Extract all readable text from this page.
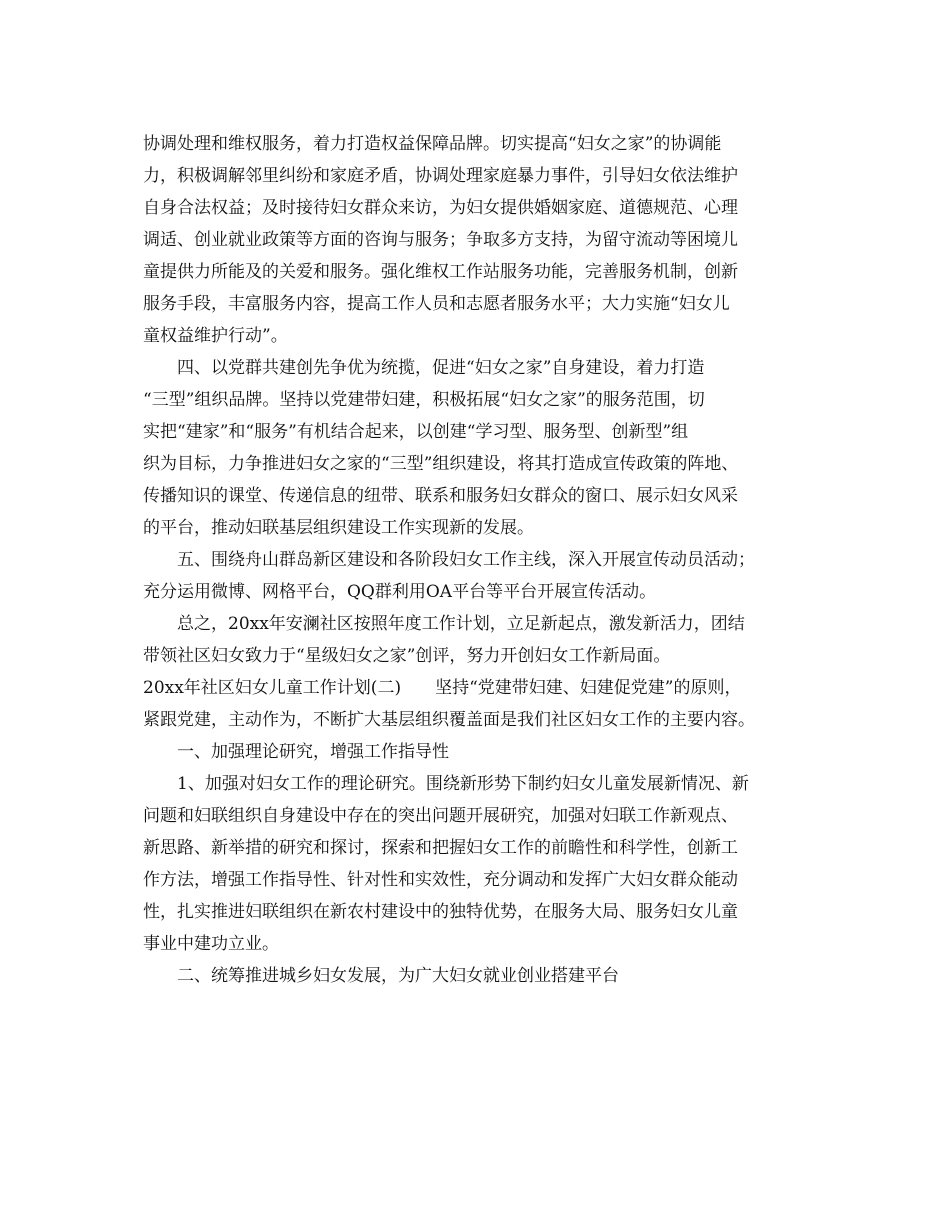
协调处理和维权服务，着力打造权益保障品牌。切实提高“妇女之家”的协调能
力，积极调解邻里纠纷和家庭矛盾，协调处理家庭暴力事件，引导妇女依法维护
自身合法权益；及时接待妇女群众来访，为妇女提供婚姻家庭、道德规范、心理
调适、创业就业政策等方面的咨询与服务；争取多方支持，为留守流动等困境儿
童提供力所能及的关爱和服务。强化维权工作站服务功能，完善服务机制，创新
服务手段，丰富服务内容，提高工作人员和志愿者服务水平；大力实施“妇女儿
童权益维护行动”。
　　四、以党群共建创先争优为统揽，促进“妇女之家”自身建设，着力打造
“三型”组织品牌。坚持以党建带妇建，积极拓展“妇女之家”的服务范围，切
实把“建家”和“服务”有机结合起来，以创建“学习型、服务型、创新型”组
织为目标，力争推进妇女之家的“三型”组织建设，将其打造成宣传政策的阵地、
传播知识的课堂、传递信息的纽带、联系和服务妇女群众的窗口、展示妇女风采
的平台，推动妇联基层组织建设工作实现新的发展。
　　五、围绕舟山群岛新区建设和各阶段妇女工作主线，深入开展宣传动员活动；
充分运用微博、网格平台，QQ群利用OA平台等平台开展宣传活动。
　　总之，20xx年安澜社区按照年度工作计划，立足新起点，激发新活力，团结
带领社区妇女致力于“星级妇女之家”创评，努力开创妇女工作新局面。
20xx年社区妇女儿童工作计划(二)　　坚持“党建带妇建、妇建促党建”的原则，
紧跟党建，主动作为，不断扩大基层组织覆盖面是我们社区妇女工作的主要内容。
　　一、加强理论研究，增强工作指导性
　　1、加强对妇女工作的理论研究。围绕新形势下制约妇女儿童发展新情况、新
问题和妇联组织自身建设中存在的突出问题开展研究，加强对妇联工作新观点、
新思路、新举措的研究和探讨，探索和把握妇女工作的前瞻性和科学性，创新工
作方法，增强工作指导性、针对性和实效性，充分调动和发挥广大妇女群众能动
性，扎实推进妇联组织在新农村建设中的独特优势，在服务大局、服务妇女儿童
事业中建功立业。
　　二、统筹推进城乡妇女发展，为广大妇女就业创业搭建平台
